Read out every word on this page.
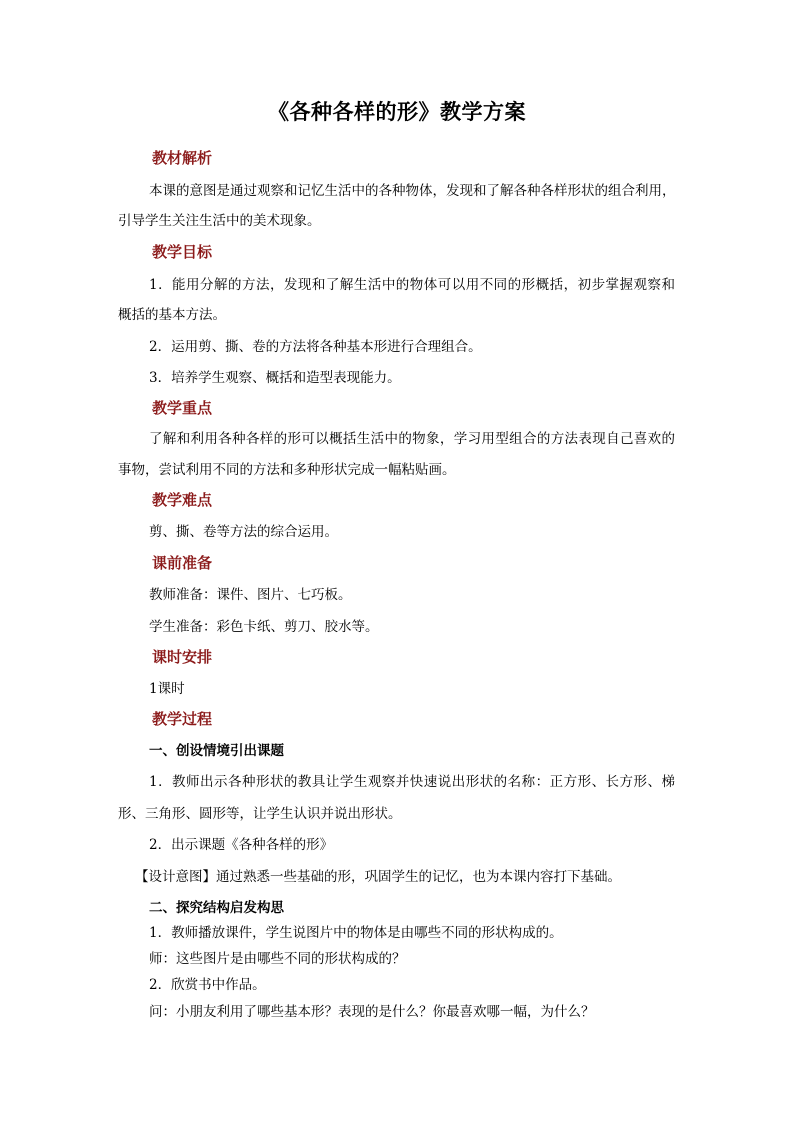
《各种各样的形》教学方案
教材解析
本课的意图是通过观察和记忆生活中的各种物体，发现和了解各种各样形状的组合利用，
引导学生关注生活中的美术现象。
教学目标
1．能用分解的方法，发现和了解生活中的物体可以用不同的形概括，初步掌握观察和
概括的基本方法。
2．运用剪、撕、卷的方法将各种基本形进行合理组合。
3．培养学生观察、概括和造型表现能力。
教学重点
了解和利用各种各样的形可以概括生活中的物象，学习用型组合的方法表现自己喜欢的
事物，尝试利用不同的方法和多种形状完成一幅粘贴画。
教学难点
剪、撕、卷等方法的综合运用。
课前准备
教师准备：课件、图片、七巧板。
学生准备：彩色卡纸、剪刀、胶水等。
课时安排
1课时
教学过程
一、创设情境引出课题
1．教师出示各种形状的教具让学生观察并快速说出形状的名称：正方形、长方形、梯
形、三角形、圆形等，让学生认识并说出形状。
2．出示课题《各种各样的形》
【设计意图】通过熟悉一些基础的形，巩固学生的记忆，也为本课内容打下基础。
二、探究结构启发构思
1．教师播放课件，学生说图片中的物体是由哪些不同的形状构成的。
师：这些图片是由哪些不同的形状构成的？
2．欣赏书中作品。
问：小朋友利用了哪些基本形？表现的是什么？你最喜欢哪一幅，为什么？
